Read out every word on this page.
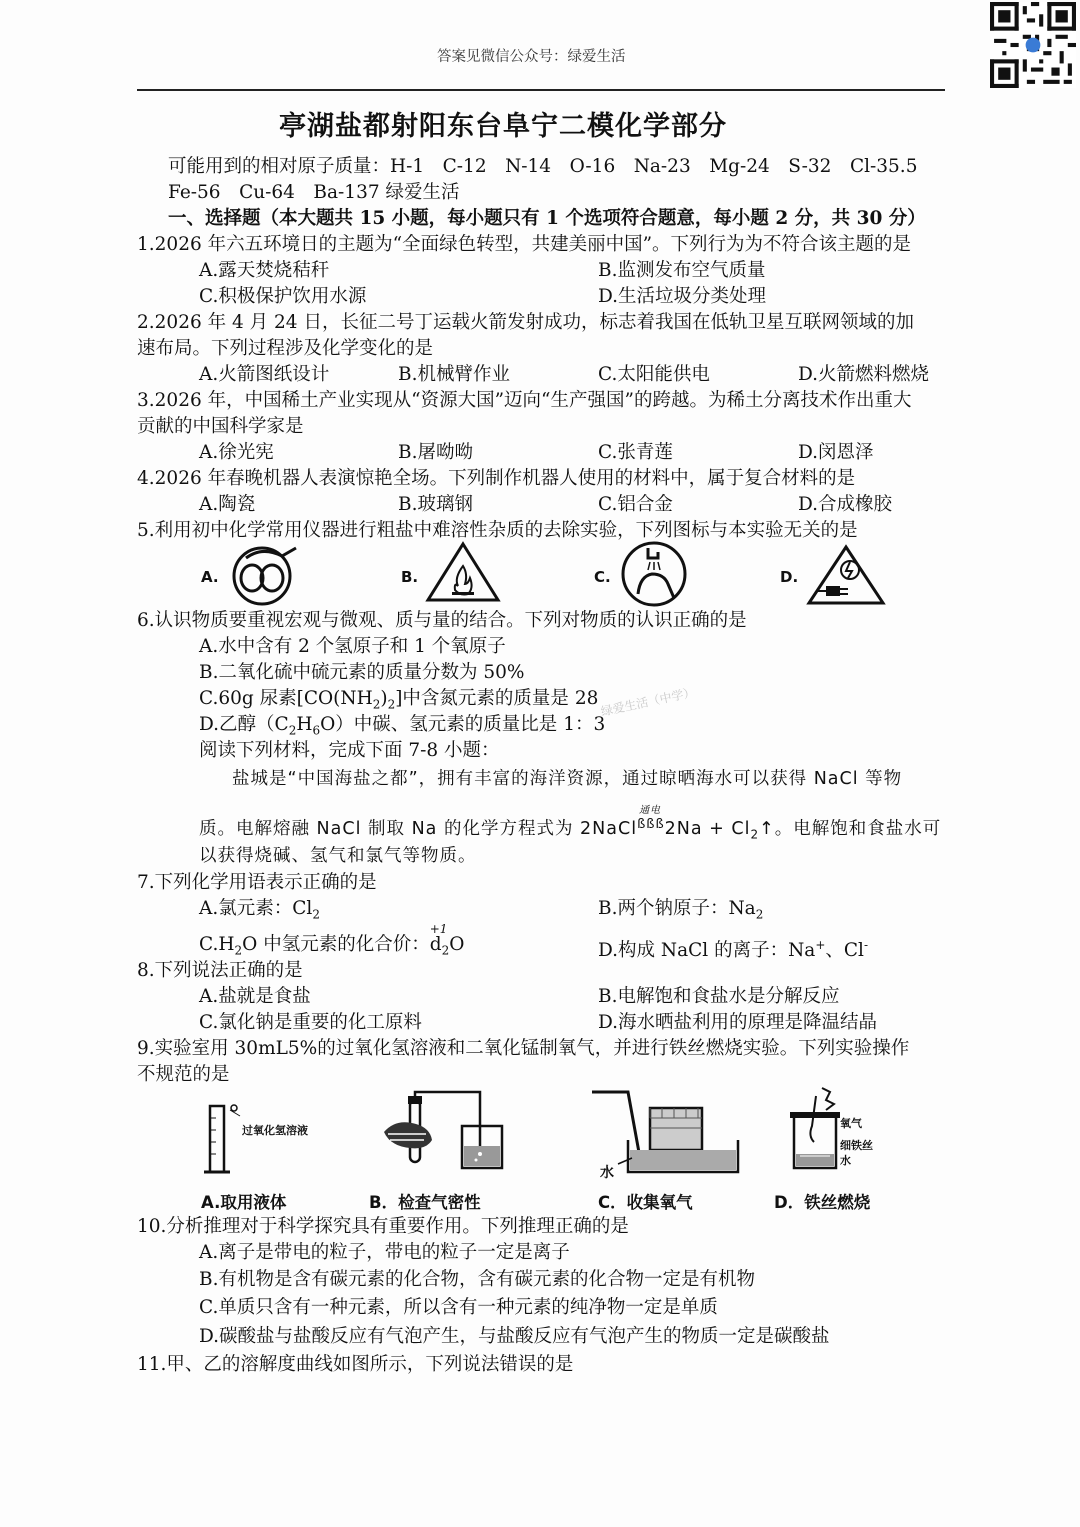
答案见微信公众号：绿爱生活
亭湖盐都射阳东台阜宁二模化学部分
可能用到的相对原子质量：H-1　C-12　N-14　O-16　Na-23　Mg-24　S-32　Cl-35.5
Fe-56　Cu-64　Ba-137 绿爱生活
一、选择题（本大题共 15 小题，每小题只有 1 个选项符合题意，每小题 2 分，共 30 分）
1.2026 年六五环境日的主题为“全面绿色转型，共建美丽中国”。下列行为为不符合该主题的是
A.露天焚烧秸秆	B.监测发布空气质量
C.积极保护饮用水源	D.生活垃圾分类处理
2.2026 年 4 月 24 日，长征二号丁运载火箭发射成功，标志着我国在低轨卫星互联网领域的加
速布局。下列过程涉及化学变化的是
A.火箭图纸设计	B.机械臂作业	C.太阳能供电	D.火箭燃料燃烧
3.2026 年，中国稀土产业实现从“资源大国”迈向“生产强国”的跨越。为稀土分离技术作出重大
贡献的中国科学家是
A.徐光宪	B.屠呦呦	C.张青莲	D.闵恩泽
4.2026 年春晚机器人表演惊艳全场。下列制作机器人使用的材料中，属于复合材料的是
A.陶瓷	B.玻璃钢	C.铝合金	D.合成橡胶
5.利用初中化学常用仪器进行粗盐中难溶性杂质的去除实验，下列图标与本实验无关的是
A.	B.	C.	D.
6.认识物质要重视宏观与微观、质与量的结合。下列对物质的认识正确的是
A.水中含有 2 个氢原子和 1 个氧原子
B.二氧化硫中硫元素的质量分数为 50%
C.60g 尿素$[CO(NH_2)_2]$中含氮元素的质量是 28 绿爱生活（中学）
D.乙醇$(C_2H_6O)$中碳、氢元素的质量比是 1：3
阅读下列材料，完成下面 7-8 小题：
盐城是“中国海盐之都”，拥有丰富的海洋资源，通过晾晒海水可以获得 NaCl 等物
质。电解熔融 NaCl 制取 Na 的化学方程式为 2NaCl
通电
$^{ßßß}2Na + Cl_2↑$。电解饱和食盐水可
以获得烧碱、氢气和氯气等物质。
7.下列化学用语表示正确的是
A.氯元素：$Cl_2$	B.两个钠原子：$Na_2$
$C.H_2O$ 中氢元素的化合价：
+1
$d_2O$	D.构成 NaCl 的离子：Na+、Cl-
8.下列说法正确的是
A.盐就是食盐	B.电解饱和食盐水是分解反应
C.氯化钠是重要的化工原料	D.海水晒盐利用的原理是降温结晶
9.实验室用 30mL5%的过氧化氢溶液和二氧化锰制氧气，并进行铁丝燃烧实验。下列实验操作
不规范的是
过氧化氢溶液
水
氧气
细铁丝
水
A.取用液体	B．检查气密性	C．收集氧气	D．铁丝燃烧
10.分析推理对于科学探究具有重要作用。下列推理正确的是
A.离子是带电的粒子，带电的粒子一定是离子
B.有机物是含有碳元素的化合物，含有碳元素的化合物一定是有机物
C.单质只含有一种元素，所以含有一种元素的纯净物一定是单质
D.碳酸盐与盐酸反应有气泡产生，与盐酸反应有气泡产生的物质一定是碳酸盐
11.甲、乙的溶解度曲线如图所示，下列说法错误的是
